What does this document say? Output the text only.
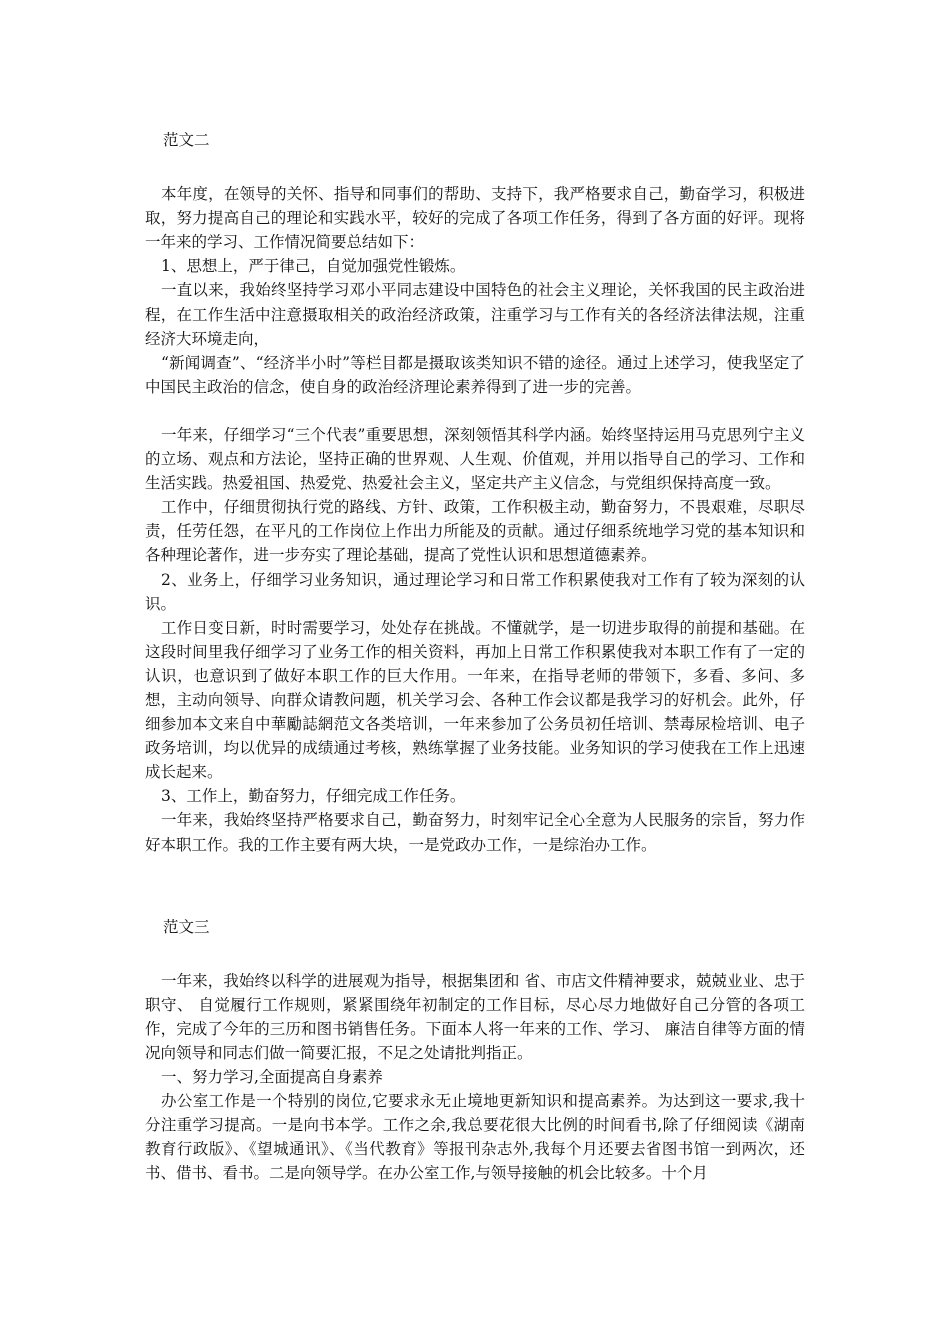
范文二

本年度，在领导的关怀、指导和同事们的帮助、支持下，我严格要求自己，勤奋学习，积极进取，努力提高自己的理论和实践水平，较好的完成了各项工作任务，得到了各方面的好评。现将一年来的学习、工作情况简要总结如下：

1、思想上，严于律己，自觉加强党性锻炼。

一直以来，我始终坚持学习邓小平同志建设中国特色的社会主义理论，关怀我国的民主政治进程，在工作生活中注意摄取相关的政治经济政策，注重学习与工作有关的各经济法律法规，注重经济大环境走向，

“新闻调查”、“经济半小时”等栏目都是摄取该类知识不错的途径。通过上述学习，使我坚定了中国民主政治的信念，使自身的政治经济理论素养得到了进一步的完善。

一年来，仔细学习“三个代表”重要思想，深刻领悟其科学内涵。始终坚持运用马克思列宁主义的立场、观点和方法论，坚持正确的世界观、人生观、价值观，并用以指导自己的学习、工作和生活实践。热爱祖国、热爱党、热爱社会主义，坚定共产主义信念，与党组织保持高度一致。

工作中，仔细贯彻执行党的路线、方针、政策，工作积极主动，勤奋努力，不畏艰难，尽职尽责，任劳任怨，在平凡的工作岗位上作出力所能及的贡献。通过仔细系统地学习党的基本知识和各种理论著作，进一步夯实了理论基础，提高了党性认识和思想道德素养。

2、业务上，仔细学习业务知识，通过理论学习和日常工作积累使我对工作有了较为深刻的认识。

工作日变日新，时时需要学习，处处存在挑战。不懂就学，是一切进步取得的前提和基础。在这段时间里我仔细学习了业务工作的相关资料，再加上日常工作积累使我对本职工作有了一定的认识，也意识到了做好本职工作的巨大作用。一年来，在指导老师的带领下，多看、多问、多想，主动向领导、向群众请教问题，机关学习会、各种工作会议都是我学习的好机会。此外，仔细参加本文来自中華勵誌網范文各类培训，一年来参加了公务员初任培训、禁毒尿检培训、电子政务培训，均以优异的成绩通过考核，熟练掌握了业务技能。业务知识的学习使我在工作上迅速成长起来。

3、工作上，勤奋努力，仔细完成工作任务。

一年来，我始终坚持严格要求自己，勤奋努力，时刻牢记全心全意为人民服务的宗旨，努力作好本职工作。我的工作主要有两大块，一是党政办工作，一是综治办工作。

范文三

一年来，我始终以科学的进展观为指导，根据集团和 省、市店文件精神要求，兢兢业业、忠于职守、 自觉履行工作规则，紧紧围绕年初制定的工作目标，尽心尽力地做好自己分管的各项工作，完成了今年的三历和图书销售任务。下面本人将一年来的工作、学习、 廉洁自律等方面的情况向领导和同志们做一简要汇报，不足之处请批判指正。

一、努力学习,全面提高自身素养

办公室工作是一个特别的岗位,它要求永无止境地更新知识和提高素养。为达到这一要求,我十分注重学习提高。一是向书本学。工作之余,我总要花很大比例的时间看书,除了仔细阅读《湖南教育行政版》、《望城通讯》、《当代教育》等报刊杂志外,我每个月还要去省图书馆一到两次，还书、借书、看书。二是向领导学。在办公室工作,与领导接触的机会比较多。十个月
